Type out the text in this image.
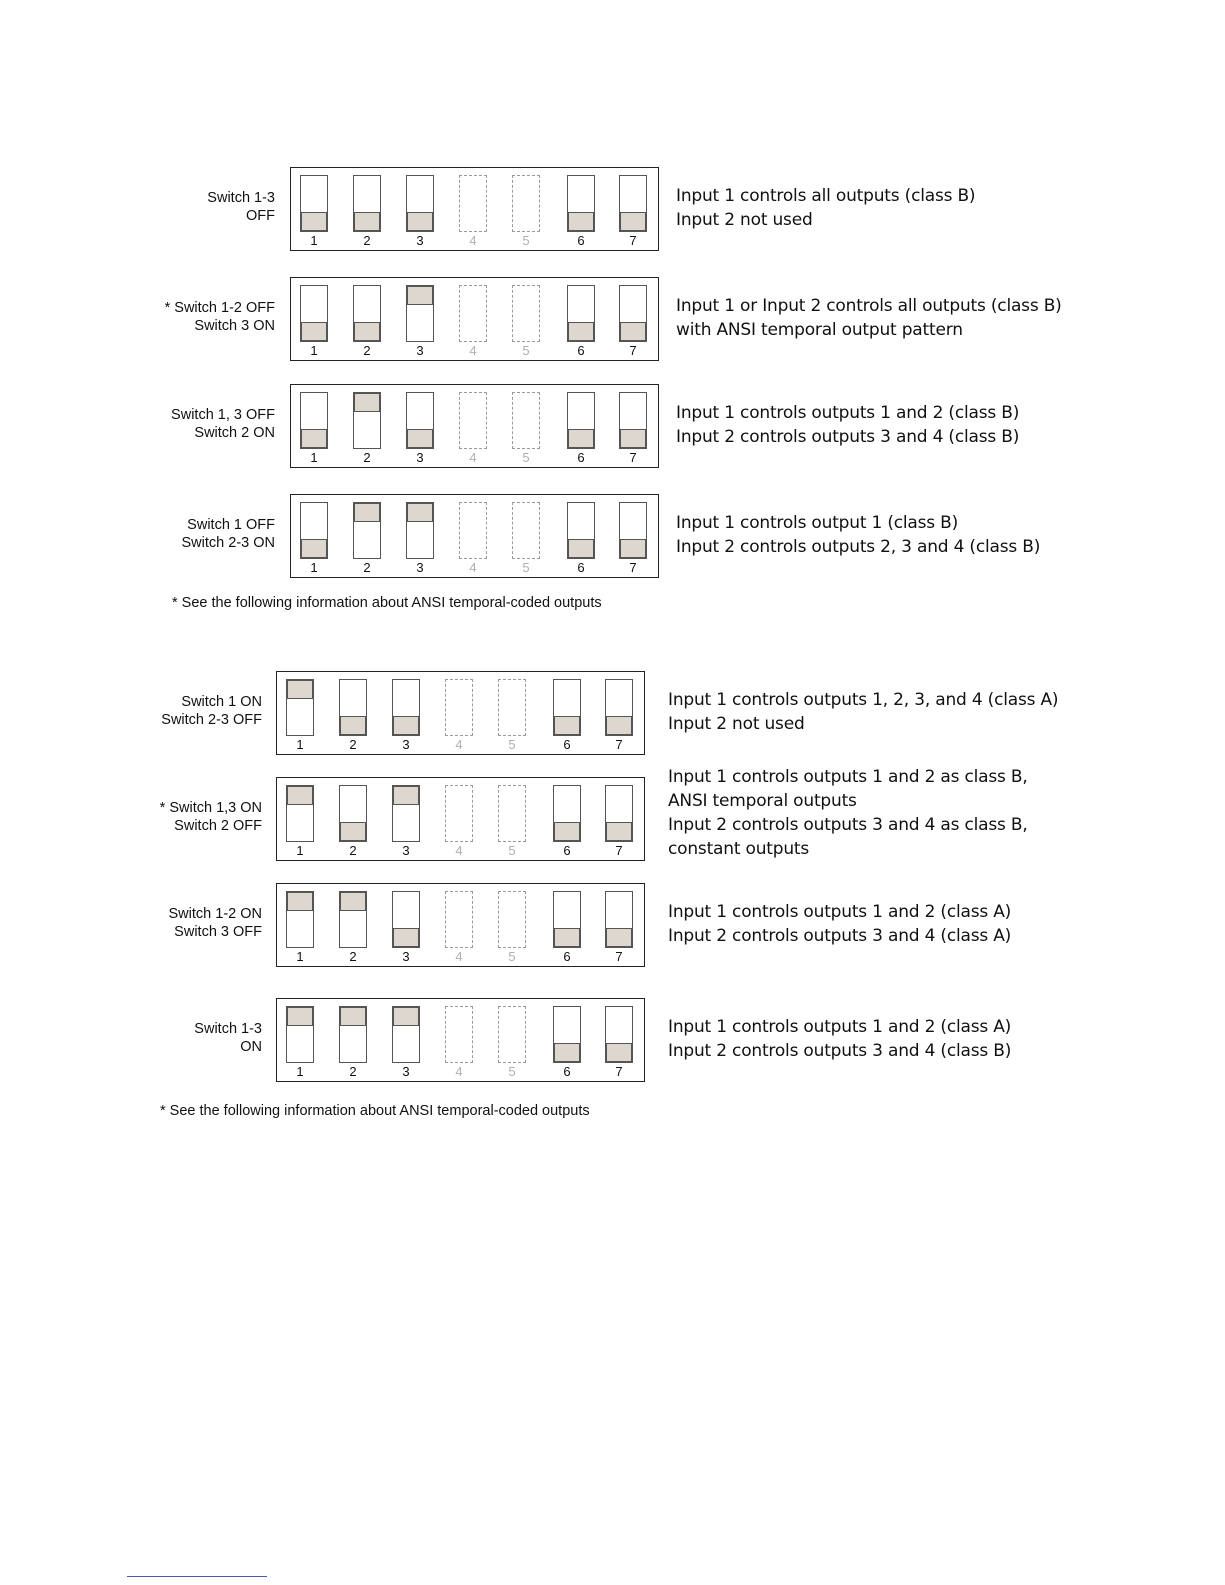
Switch 1-3
OFF
1	2	3	4	5	6	7
Input 1 controls all outputs (class B)
Input 2 not used
* Switch 1-2 OFF
Switch 3 ON
1	2	3	4	5	6	7
Input 1 or Input 2 controls all outputs (class B)
with ANSI temporal output pattern
Switch 1, 3 OFF
Switch 2 ON
1	2	3	4	5	6	7
Input 1 controls outputs 1 and 2 (class B)
Input 2 controls outputs 3 and 4 (class B)
Switch 1 OFF
Switch 2-3 ON
1	2	3	4	5	6	7
Input 1 controls output 1 (class B)
Input 2 controls outputs 2, 3 and 4 (class B)
Switch 1 ON
Switch 2-3 OFF
1	2	3	4	5	6	7
Input 1 controls outputs 1, 2, 3, and 4 (class A)
Input 2 not used
* Switch 1,3 ON
Switch 2 OFF
1	2	3	4	5	6	7
Input 1 controls outputs 1 and 2 as class B,
ANSI temporal outputs
Input 2 controls outputs 3 and 4 as class B,
constant outputs
Switch 1-2 ON
Switch 3 OFF
1	2	3	4	5	6	7
Input 1 controls outputs 1 and 2 (class A)
Input 2 controls outputs 3 and 4 (class A)
Switch 1-3
ON
1	2	3	4	5	6	7
Input 1 controls outputs 1 and 2 (class A)
Input 2 controls outputs 3 and 4 (class B)
* See the following information about ANSI temporal-coded outputs
* See the following information about ANSI temporal-coded outputs
